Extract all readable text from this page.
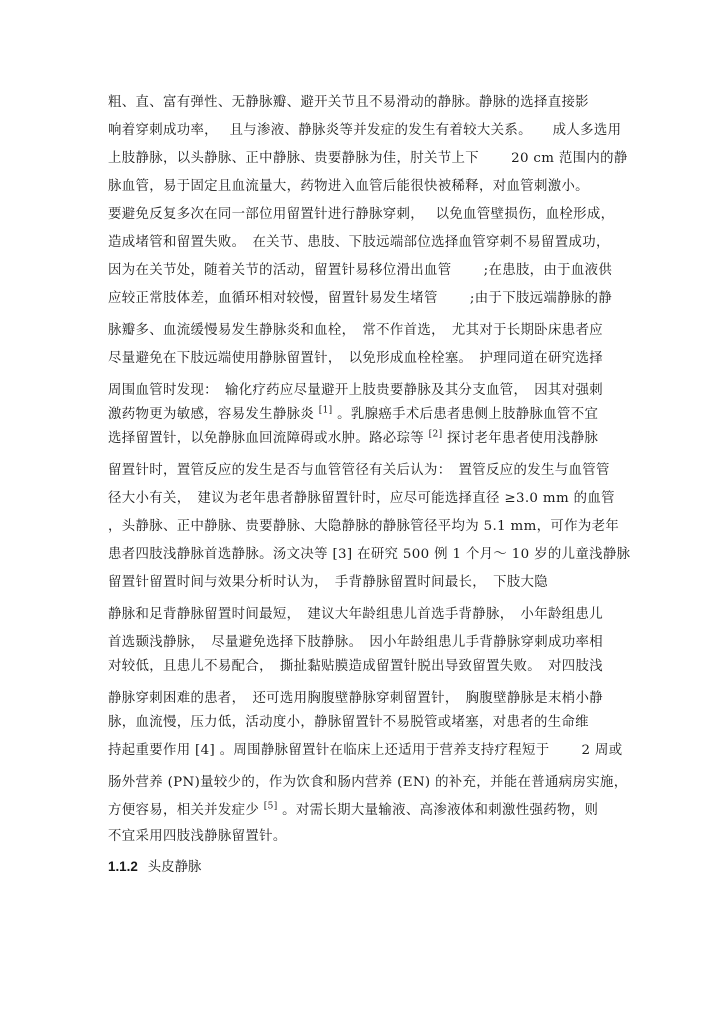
粗、直、富有弹性、无静脉瓣、避开关节且不易滑动的静脉。静脉的选择直接影
响着穿刺成功率，　 且与渗液、静脉炎等并发症的发生有着较大关系。　　成人多选用
上肢静脉，以头静脉、正中静脉、贵要静脉为佳，肘关节上下　　 20 cm 范围内的静
脉血管，易于固定且血流量大，药物进入血管后能很快被稀释，对血管刺激小。
要避免反复多次在同一部位用留置针进行静脉穿刺，　 以免血管壁损伤，血栓形成，
造成堵管和留置失败。　在关节、患肢、下肢远端部位选择血管穿刺不易留置成功，
因为在关节处，随着关节的活动，留置针易移位滑出血管　　 ;在患肢，由于血液供
应较正常肢体差，血循环相对较慢，留置针易发生堵管　　 ;由于下肢远端静脉的静
脉瓣多、血流缓慢易发生静脉炎和血栓，　常不作首选，　尤其对于长期卧床患者应
尽量避免在下肢远端使用静脉留置针，　以免形成血栓栓塞。　护理同道在研究选择
周围血管时发现：　输化疗药应尽量避开上肢贵要静脉及其分支血管，　因其对强刺
激药物更为敏感，容易发生静脉炎 [1] 。乳腺癌手术后患者患侧上肢静脉血管不宜
选择留置针，以免静脉血回流障碍或水肿。路必琮等 [2] 探讨老年患者使用浅静脉
留置针时，置管反应的发生是否与血管管径有关后认为：　置管反应的发生与血管管
径大小有关，　建议为老年患者静脉留置针时，应尽可能选择直径 ≥3.0 mm 的血管
，头静脉、正中静脉、贵要静脉、大隐静脉的静脉管径平均为 5.1 mm，可作为老年
患者四肢浅静脉首选静脉。汤文决等 [3] 在研究 500 例 1 个月～ 10 岁的儿童浅静脉
留置针留置时间与效果分析时认为，　手背静脉留置时间最长，　下肢大隐
静脉和足背静脉留置时间最短，　建议大年龄组患儿首选手背静脉，　小年龄组患儿
首选颞浅静脉，　尽量避免选择下肢静脉。　因小年龄组患儿手背静脉穿刺成功率相
对较低，且患儿不易配合，　撕扯黏贴膜造成留置针脱出导致留置失败。　对四肢浅
静脉穿刺困难的患者，　还可选用胸腹壁静脉穿刺留置针，　胸腹壁静脉是末梢小静
脉，血流慢，压力低，活动度小，静脉留置针不易脱管或堵塞，对患者的生命维
持起重要作用 [4] 。周围静脉留置针在临床上还适用于营养支持疗程短于　　 2 周或
肠外营养 (PN)量较少的，作为饮食和肠内营养 (EN) 的补充，并能在普通病房实施，
方便容易，相关并发症少 [5] 。对需长期大量输液、高渗液体和刺激性强药物，则
不宜采用四肢浅静脉留置针。
1.1.2 头皮静脉
